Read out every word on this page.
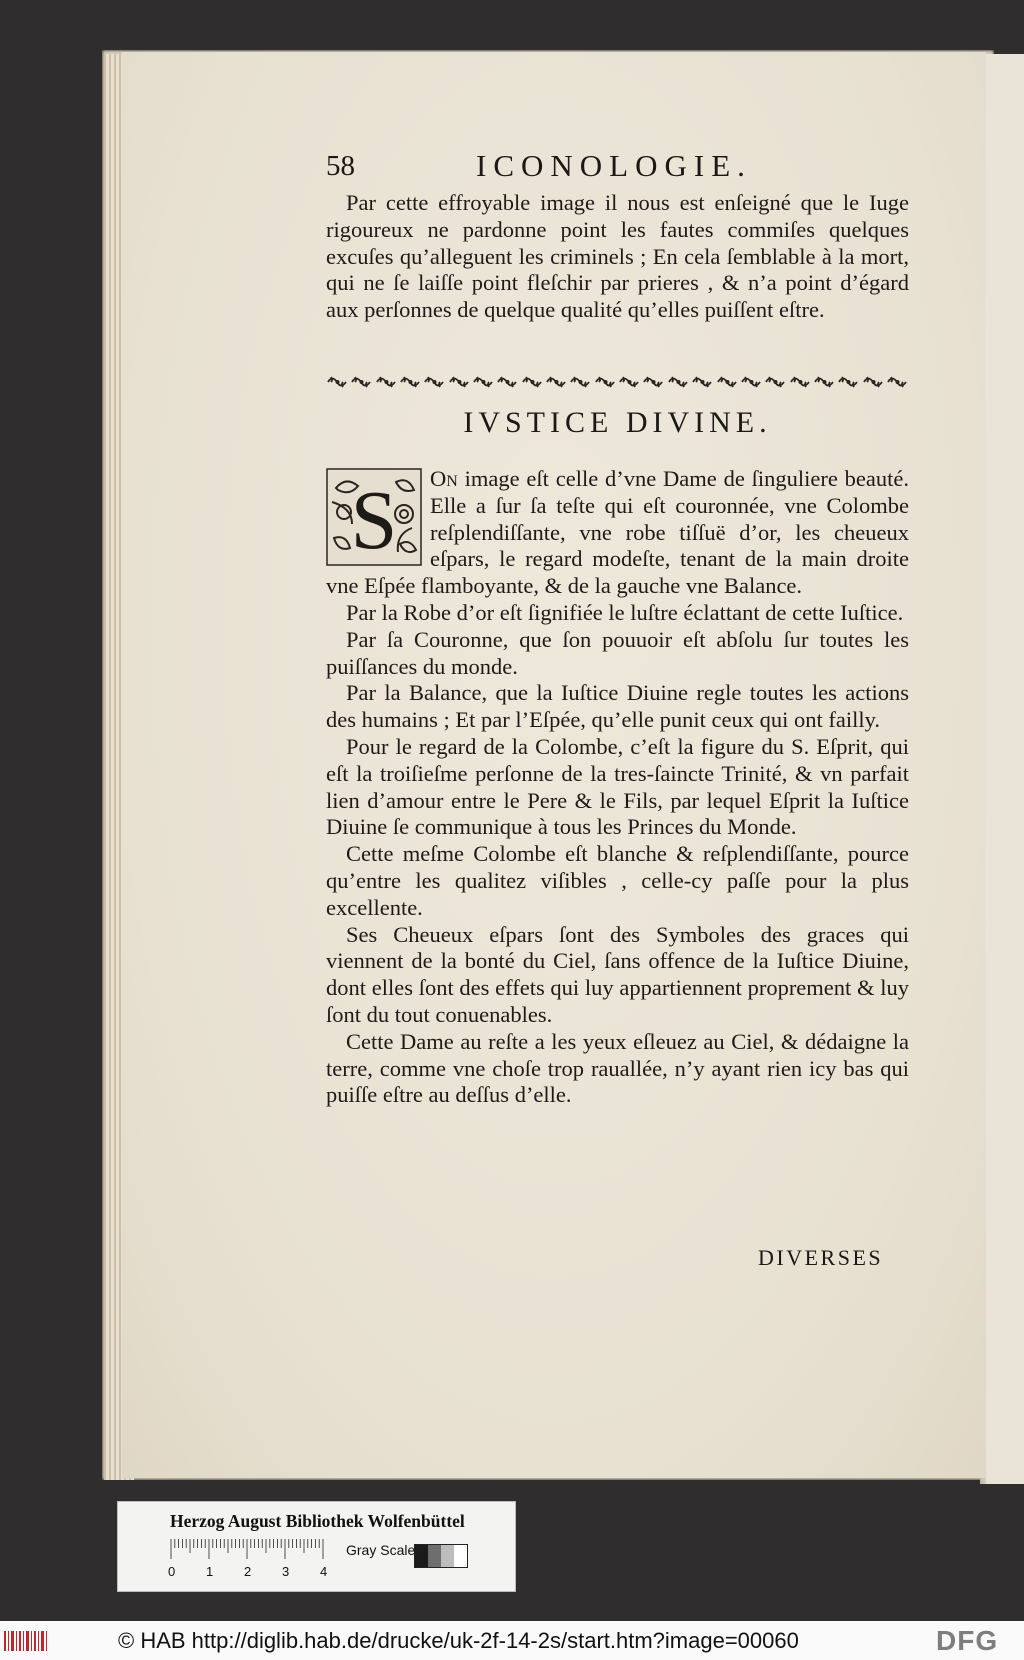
58	ICONOLOGIE.

Par cette effroyable image il nous est enſeigné que le Iuge rigoureux ne pardonne point les fautes commiſes quelques excuſes qu’alleguent les criminels ; En cela ſemblable à la mort, qui ne ſe laiſſe point fleſchir par prieres , & n’a point d’égard aux perſonnes de quelque qualité qu’elles puiſſent eſtre.

IVSTICE DIVINE.
S	On image eſt celle d’vne Dame de ſinguliere beauté. Elle a ſur ſa teſte qui eſt couronnée, vne Colombe reſplendiſſante, vne robe tiſſuë d’or, les cheueux eſpars, le regard modeſte, tenant de la main droite vne Eſpée flamboyante, & de la gauche vne Balance.

Par la Robe d’or eſt ſignifiée le luſtre éclattant de cette Iuſtice.

Par ſa Couronne, que ſon pouuoir eſt abſolu ſur toutes les puiſſances du monde.

Par la Balance, que la Iuſtice Diuine regle toutes les actions des humains ; Et par l’Eſpée, qu’elle punit ceux qui ont failly.

Pour le regard de la Colombe, c’eſt la figure du S. Eſprit, qui eſt la troiſieſme perſonne de la tres-ſaincte Trinité, & vn parfait lien d’amour entre le Pere & le Fils, par lequel Eſprit la Iuſtice Diuine ſe communique à tous les Princes du Monde.

Cette meſme Colombe eſt blanche & reſplendiſſante, pource qu’entre les qualitez viſibles , celle-cy paſſe pour la plus excellente.

Ses Cheueux eſpars ſont des Symboles des graces qui viennent de la bonté du Ciel, ſans offence de la Iuſtice Diuine, dont elles ſont des effets qui luy appartiennent proprement & luy ſont du tout conuenables.

Cette Dame au reſte a les yeux eſleuez au Ciel, & dédaigne la terre, comme vne choſe trop rauallée, n’y ayant rien icy bas qui puiſſe eſtre au deſſus d’elle.

DIVERSES
Herzog August Bibliothek Wolfenbüttel
0 1 2 3 4
Gray Scale
© HAB http://diglib.hab.de/drucke/uk-2f-14-2s/start.htm?image=00060	DFG
